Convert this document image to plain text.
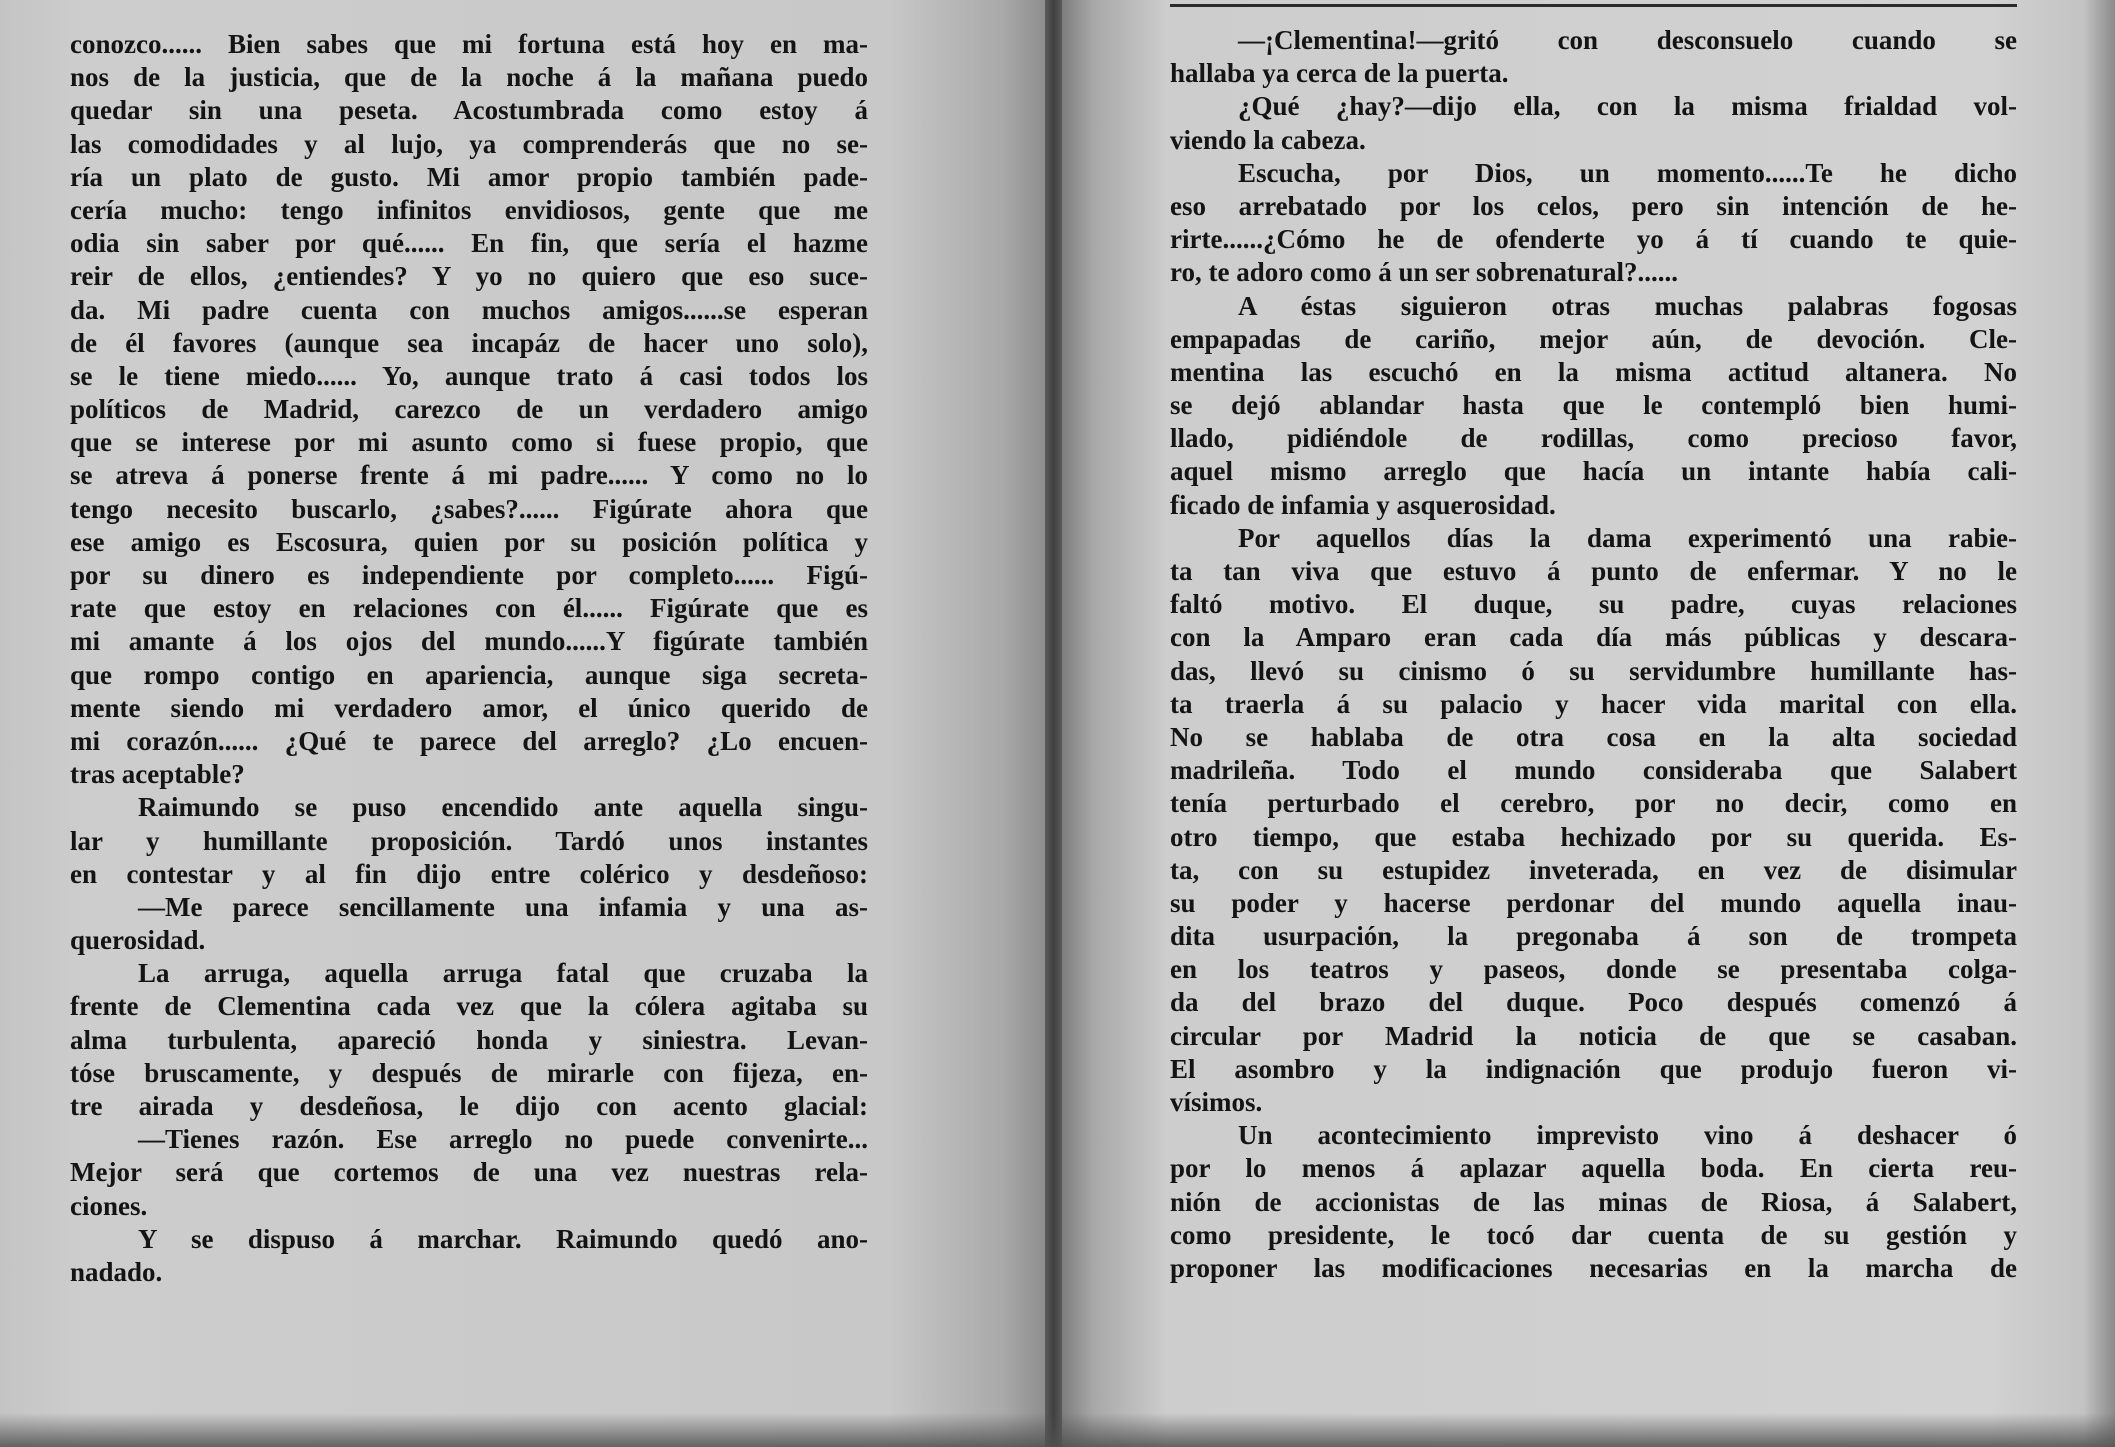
conozco...... Bien sabes que mi fortuna está hoy en ma-
nos de la justicia, que de la noche á la mañana puedo
quedar sin una peseta. Acostumbrada como estoy á
las comodidades y al lujo, ya comprenderás que no se-
ría un plato de gusto. Mi amor propio también pade-
cería mucho: tengo infinitos envidiosos, gente que me
odia sin saber por qué...... En fin, que sería el hazme
reir de ellos, ¿entiendes? Y yo no quiero que eso suce-
da. Mi padre cuenta con muchos amigos......se esperan
de él favores (aunque sea incapáz de hacer uno solo),
se le tiene miedo...... Yo, aunque trato á casi todos los
políticos de Madrid, carezco de un verdadero amigo
que se interese por mi asunto como si fuese propio, que
se atreva á ponerse frente á mi padre...... Y como no lo
tengo necesito buscarlo, ¿sabes?...... Figúrate ahora que
ese amigo es Escosura, quien por su posición política y
por su dinero es independiente por completo...... Figú-
rate que estoy en relaciones con él...... Figúrate que es
mi amante á los ojos del mundo......Y figúrate también
que rompo contigo en apariencia, aunque siga secreta-
mente siendo mi verdadero amor, el único querido de
mi corazón...... ¿Qué te parece del arreglo? ¿Lo encuen-
tras aceptable?
Raimundo se puso encendido ante aquella singu-
lar y humillante proposición. Tardó unos instantes
en contestar y al fin dijo entre colérico y desdeñoso:
—Me parece sencillamente una infamia y una as-
querosidad.
La arruga, aquella arruga fatal que cruzaba la
frente de Clementina cada vez que la cólera agitaba su
alma turbulenta, apareció honda y siniestra. Levan-
tóse bruscamente, y después de mirarle con fijeza, en-
tre airada y desdeñosa, le dijo con acento glacial:
—Tienes razón. Ese arreglo no puede convenirte...
Mejor será que cortemos de una vez nuestras rela-
ciones.
Y se dispuso á marchar. Raimundo quedó ano-
nadado.
—¡Clementina!—gritó con desconsuelo cuando se
hallaba ya cerca de la puerta.
¿Qué ¿hay?—dijo ella, con la misma frialdad vol-
viendo la cabeza.
Escucha, por Dios, un momento......Te he dicho
eso arrebatado por los celos, pero sin intención de he-
rirte......¿Cómo he de ofenderte yo á tí cuando te quie-
ro, te adoro como á un ser sobrenatural?......
A éstas siguieron otras muchas palabras fogosas
empapadas de cariño, mejor aún, de devoción. Cle-
mentina las escuchó en la misma actitud altanera. No
se dejó ablandar hasta que le contempló bien humi-
llado, pidiéndole de rodillas, como precioso favor,
aquel mismo arreglo que hacía un intante había cali-
ficado de infamia y asquerosidad.
Por aquellos días la dama experimentó una rabie-
ta tan viva que estuvo á punto de enfermar. Y no le
faltó motivo. El duque, su padre, cuyas relaciones
con la Amparo eran cada día más públicas y descara-
das, llevó su cinismo ó su servidumbre humillante has-
ta traerla á su palacio y hacer vida marital con ella.
No se hablaba de otra cosa en la alta sociedad
madrileña. Todo el mundo consideraba que Salabert
tenía perturbado el cerebro, por no decir, como en
otro tiempo, que estaba hechizado por su querida. Es-
ta, con su estupidez inveterada, en vez de disimular
su poder y hacerse perdonar del mundo aquella inau-
dita usurpación, la pregonaba á son de trompeta
en los teatros y paseos, donde se presentaba colga-
da del brazo del duque. Poco después comenzó á
circular por Madrid la noticia de que se casaban.
El asombro y la indignación que produjo fueron vi-
vísimos.
Un acontecimiento imprevisto vino á deshacer ó
por lo menos á aplazar aquella boda. En cierta reu-
nión de accionistas de las minas de Riosa, á Salabert,
como presidente, le tocó dar cuenta de su gestión y
proponer las modificaciones necesarias en la marcha de
